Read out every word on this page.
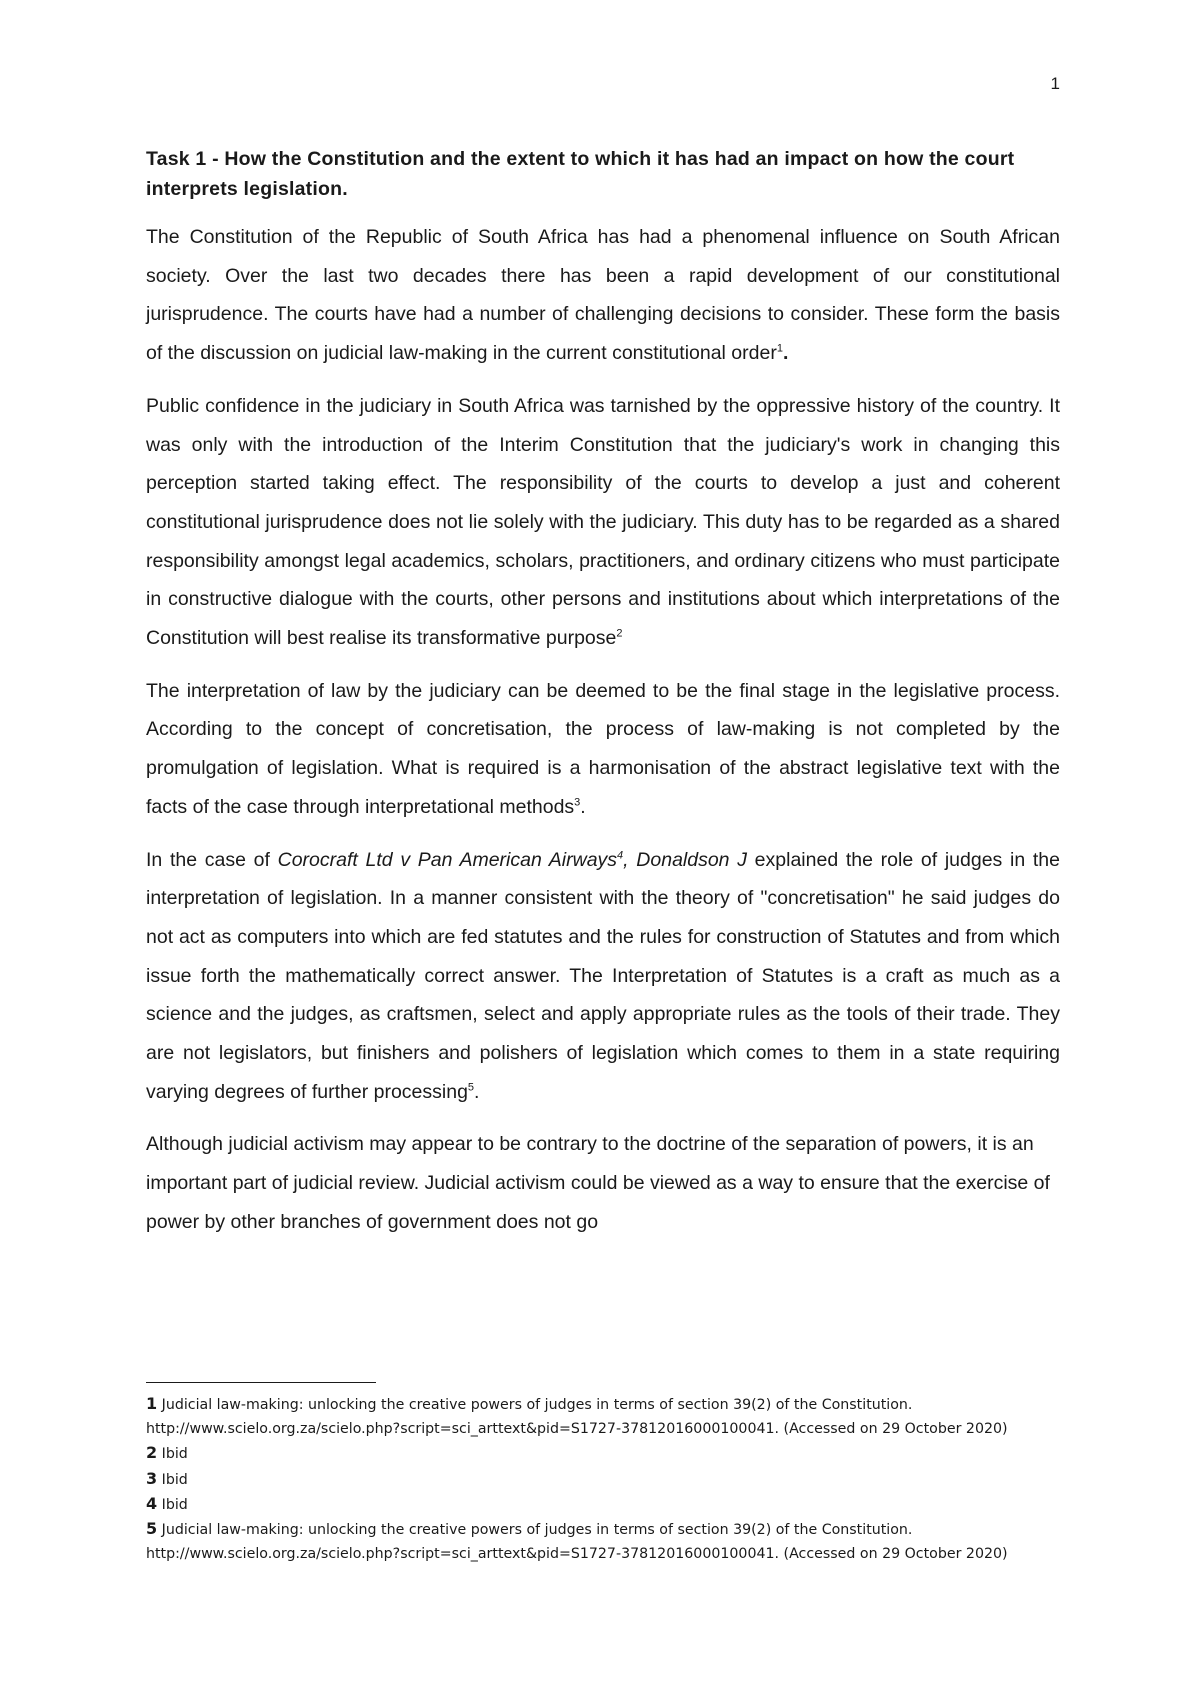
1

Task 1 - How the Constitution and the extent to which it has had an impact on how the court interprets legislation.

The Constitution of the Republic of South Africa has had a phenomenal influence on South African society. Over the last two decades there has been a rapid development of our constitutional jurisprudence. The courts have had a number of challenging decisions to consider. These form the basis of the discussion on judicial law-making in the current constitutional order$^1$.

Public confidence in the judiciary in South Africa was tarnished by the oppressive history of the country. It was only with the introduction of the Interim Constitution that the judiciary's work in changing this perception started taking effect. The responsibility of the courts to develop a just and coherent constitutional jurisprudence does not lie solely with the judiciary. This duty has to be regarded as a shared responsibility amongst legal academics, scholars, practitioners, and ordinary citizens who must participate in constructive dialogue with the courts, other persons and institutions about which interpretations of the Constitution will best realise its transformative purpose$^2$

The interpretation of law by the judiciary can be deemed to be the final stage in the legislative process. According to the concept of concretisation, the process of law-making is not completed by the promulgation of legislation. What is required is a harmonisation of the abstract legislative text with the facts of the case through interpretational methods$^3$.

In the case of Corocraft Ltd v Pan American Airways$^4$, Donaldson J explained the role of judges in the interpretation of legislation. In a manner consistent with the theory of "concretisation" he said judges do not act as computers into which are fed statutes and the rules for construction of Statutes and from which issue forth the mathematically correct answer. The Interpretation of Statutes is a craft as much as a science and the judges, as craftsmen, select and apply appropriate rules as the tools of their trade. They are not legislators, but finishers and polishers of legislation which comes to them in a state requiring varying degrees of further processing$^5$.

Although judicial activism may appear to be contrary to the doctrine of the separation of powers, it is an important part of judicial review. Judicial activism could be viewed as a way to ensure that the exercise of power by other branches of government does not go

1 Judicial law-making: unlocking the creative powers of judges in terms of section 39(2) of the Constitution.
http://www.scielo.org.za/scielo.php?script=sci_arttext&pid=S1727-37812016000100041. (Accessed on 29 October 2020)
2 Ibid
3 Ibid
4 Ibid
5 Judicial law-making: unlocking the creative powers of judges in terms of section 39(2) of the Constitution.
http://www.scielo.org.za/scielo.php?script=sci_arttext&pid=S1727-37812016000100041. (Accessed on 29 October 2020)
